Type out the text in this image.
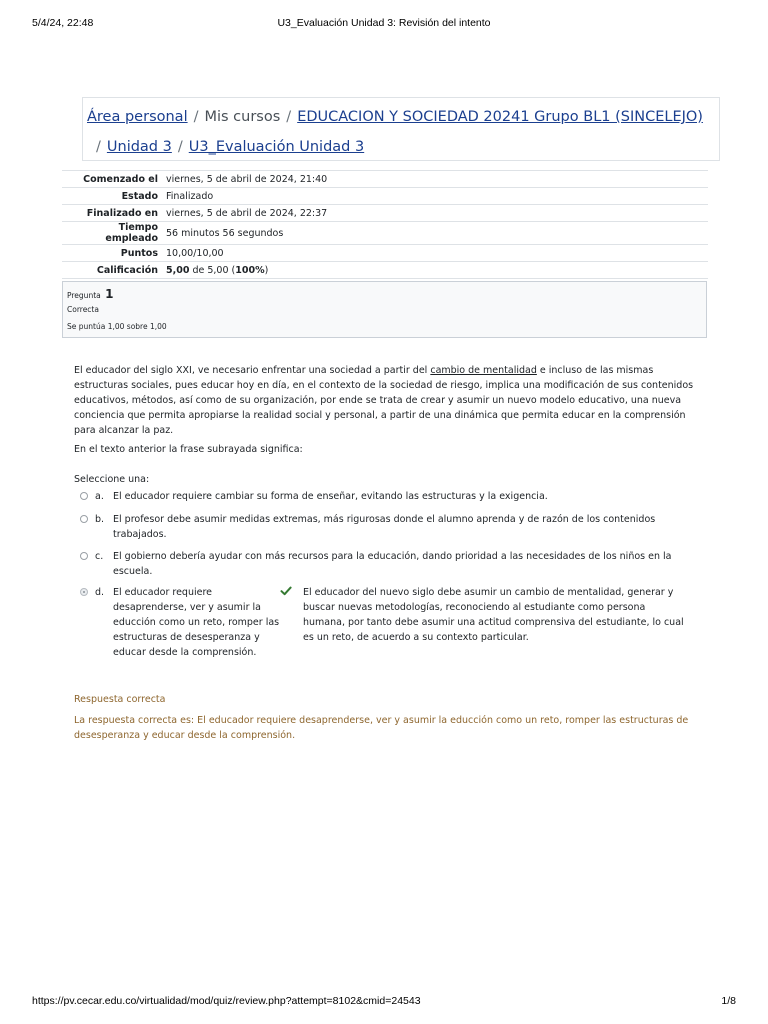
5/4/24, 22:48	U3_Evaluación Unidad 3: Revisión del intento
Área personal / Mis cursos / EDUCACION Y SOCIEDAD 20241 Grupo BL1 (SINCELEJO)
/ Unidad 3 / U3_Evaluación Unidad 3
Comenzado el	viernes, 5 de abril de 2024, 21:40
Estado	Finalizado
Finalizado en	viernes, 5 de abril de 2024, 22:37
Tiempo empleado	56 minutos 56 segundos
Puntos	10,00/10,00
Calificación	5,00 de 5,00 (100%)
Pregunta 1
Correcta
Se puntúa 1,00 sobre 1,00

El educador del siglo XXI, ve necesario enfrentar una sociedad a partir del cambio de mentalidad e incluso de las mismas estructuras sociales, pues educar hoy en día, en el contexto de la sociedad de riesgo, implica una modificación de sus contenidos educativos, métodos, así como de su organización, por ende se trata de crear y asumir un nuevo modelo educativo, una nueva conciencia que permita apropiarse la realidad social y personal, a partir de una dinámica que permita educar en la comprensión para alcanzar la paz.

En el texto anterior la frase subrayada significa:
Seleccione una:
a. El educador requiere cambiar su forma de enseñar, evitando las estructuras y la exigencia.
b. El profesor debe asumir medidas extremas, más rigurosas donde el alumno aprenda y de razón de los contenidos trabajados.
c. El gobierno debería ayudar con más recursos para la educación, dando prioridad a las necesidades de los niños en la escuela.
d. El educador requiere desaprenderse, ver y asumir la educción como un reto, romper las estructuras de desesperanza y educar desde la comprensión.
El educador del nuevo siglo debe asumir un cambio de mentalidad, generar y buscar nuevas metodologías, reconociendo al estudiante como persona humana, por tanto debe asumir una actitud comprensiva del estudiante, lo cual es un reto, de acuerdo a su contexto particular.
Respuesta correcta
La respuesta correcta es: El educador requiere desaprenderse, ver y asumir la educción como un reto, romper las estructuras de desesperanza y educar desde la comprensión.
https://pv.cecar.edu.co/virtualidad/mod/quiz/review.php?attempt=8102&cmid=24543	1/8
